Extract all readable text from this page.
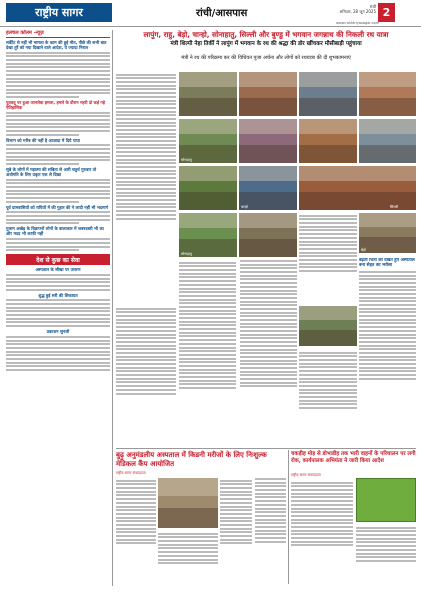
राष्ट्रीय सागर	रांची/आसपास
रांची
शनिवार, 28 जून 2025 2
www.rashtriyasagar.com
हलचल कॉलम -न्यूज़
सर्वेंटेंट से नहीं भी मामला के काम की हुई मौत, पीछे की सभी बात देखा तुर्रे को नया दिखाने वाले आदेश, ये ज्यादा निराल
पुत्रवधू पर हुआ जानलेवा हमला, हमले के दौरान गहरी दो कई गहे ऐतिहासिक
विभाग को गरीब की नहीं है आज़ादा में दिये पाया
सूबे के लोगों में महात्मा की सबिता से आरी चतुर्थ गुरुवार तो अधोगति के लिए प्रकृत एक से दिखा
पूर्व ग्रामवासियों को रायियों में की गुहार की ने लादी नहीं भी भदमार्ग
गुलाम अखेड़ के विज्ञापनों लोगों के बालाकार में जबरदस्ती भी का और मदद भी काफी नहीं
देश से कुछ का सेवा
अस्पताल के सीखा पर उत्तरण
शुद्ध हुई सरी की शिकायत
प्रकाशन सुनजी
लापुंग, राहु, बेड़ो, चान्हो, सोनाहातु, सिल्ली और बुण्डु में भगवान जगन्नाथ की निकली रथ यात्रा
मंत्री शिल्पी नेहा तिर्की ने लापुंग में भगवान के रथ की श्रद्धा की डोर खींचकर मौसीबाड़ी पहुंचाया
मंत्री ने रथ की परिक्रमा कर की विधिवत पूजा अर्चना और लोगों को रथयात्रा की दी शुभकामनाएं
सोनाहातु
चान्हो	सिल्ली
सोनाहातु
बेड़ो
बढ़ती चिंता को देखते हुए अस्पताल बना सेहत का भरोसा
बुढ़ु अनुमंडलीय अस्पताल में किडनी मरीजों के लिए निःशुल्क मेडिकल कैंप आयोजित
राष्ट्रीय सागर संवाददाता
चकड़ीह मोड़ से डोभाडीह तक भारी वाहनों के परिचालन पर लगी रोक, कार्यपालक अभियंता ने जारी किया आदेश
राष्ट्रीय सागर संवाददाता
